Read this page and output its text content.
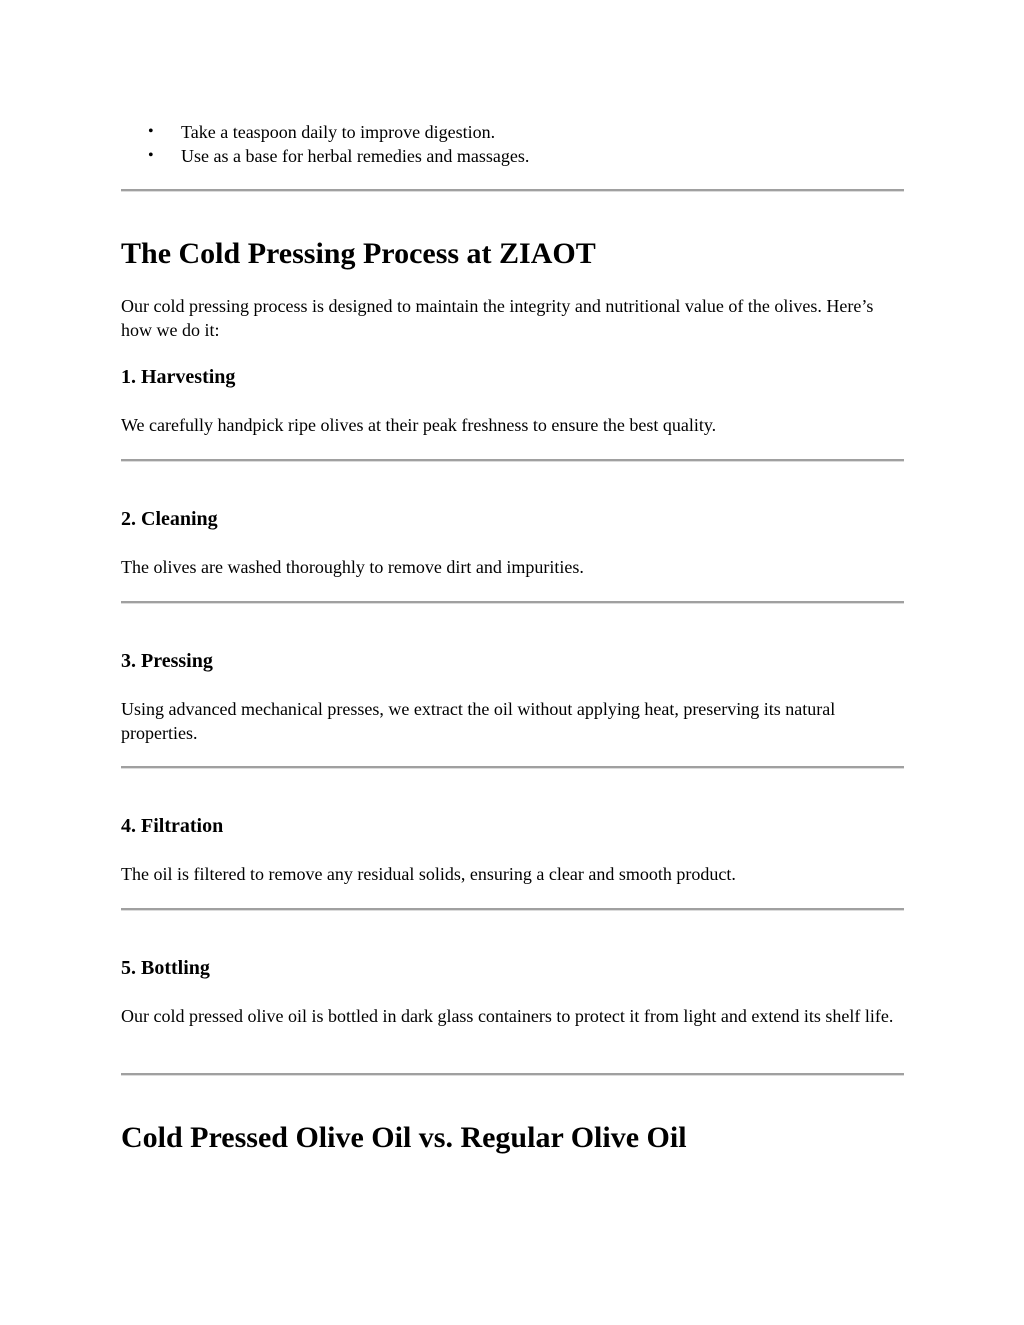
• Take a teaspoon daily to improve digestion.
• Use as a base for herbal remedies and massages.
The Cold Pressing Process at ZIAOT

Our cold pressing process is designed to maintain the integrity and nutritional value of the olives. Here’s how we do it:

1. Harvesting

We carefully handpick ripe olives at their peak freshness to ensure the best quality.

2. Cleaning

The olives are washed thoroughly to remove dirt and impurities.

3. Pressing

Using advanced mechanical presses, we extract the oil without applying heat, preserving its natural properties.

4. Filtration

The oil is filtered to remove any residual solids, ensuring a clear and smooth product.

5. Bottling

Our cold pressed olive oil is bottled in dark glass containers to protect it from light and extend its shelf life.

Cold Pressed Olive Oil vs. Regular Olive Oil
